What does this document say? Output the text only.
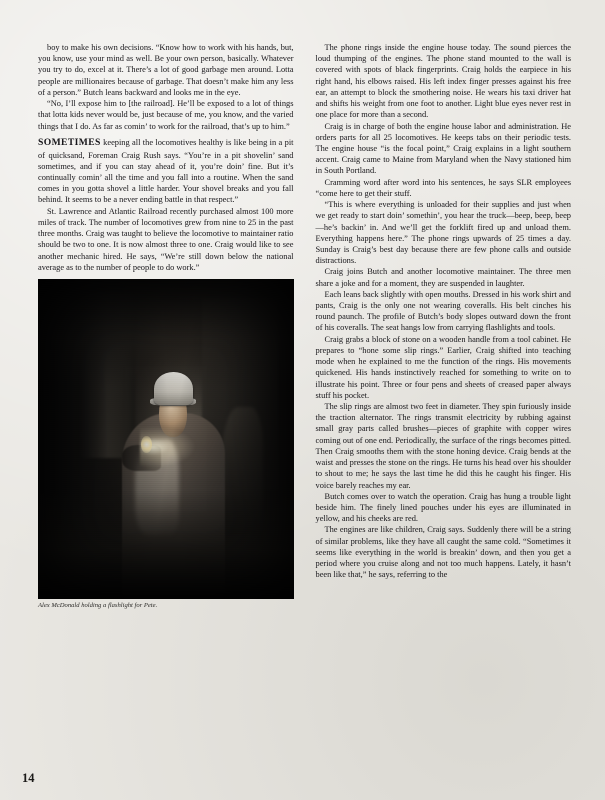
boy to make his own decisions. “Know how to work with his hands, but, you know, use your mind as well. Be your own person, basically. Whatever you try to do, excel at it. There’s a lot of good garbage men around. Lotta people are millionaires because of garbage. That doesn’t make him any less of a person.” Butch leans backward and looks me in the eye.

“No, I’ll expose him to [the railroad]. He’ll be exposed to a lot of things that lotta kids never would be, just because of me, you know, and the varied things that I do. As far as comin’ to work for the railroad, that’s up to him.”

SOMETIMES keeping all the locomotives healthy is like being in a pit of quicksand, Foreman Craig Rush says. “You’re in a pit shovelin’ sand sometimes, and if you can stay ahead of it, you’re doin’ fine. But it’s continually comin’ all the time and you fall into a routine. When the sand comes in you gotta shovel a little harder. Your shovel breaks and you fall behind. It seems to be a never ending battle in that respect.”

St. Lawrence and Atlantic Railroad recently purchased almost 100 more miles of track. The number of locomotives grew from nine to 25 in the past three months. Craig was taught to believe the locomotive to maintainer ratio should be two to one. It is now almost three to one. Craig would like to see another mechanic hired. He says, “We’re still down below the national average as to the number of people to do work.”

Alex McDonald holding a flashlight for Pete.

The phone rings inside the engine house today. The sound pierces the loud thumping of the engines. The phone stand mounted to the wall is covered with spots of black fingerprints. Craig holds the earpiece in his right hand, his elbows raised. His left index finger presses against his free ear, an attempt to block the smothering noise. He wears his taxi driver hat and shifts his weight from one foot to another. Light blue eyes never rest in one place for more than a second.

Craig is in charge of both the engine house labor and administration. He orders parts for all 25 locomotives. He keeps tabs on their periodic tests. The engine house “is the focal point,” Craig explains in a light southern accent. Craig came to Maine from Maryland when the Navy stationed him in South Portland.

Cramming word after word into his sentences, he says SLR employees “come here to get their stuff.

“This is where everything is unloaded for their supplies and just when we get ready to start doin’ somethin’, you hear the truck—beep, beep, beep—he’s backin’ in. And we’ll get the forklift fired up and unload them. Everything happens here.” The phone rings upwards of 25 times a day. Sunday is Craig’s best day because there are few phone calls and outside distractions.

Craig joins Butch and another locomotive maintainer. The three men share a joke and for a moment, they are suspended in laughter.

Each leans back slightly with open mouths. Dressed in his work shirt and pants, Craig is the only one not wearing coveralls. His belt cinches his round paunch. The profile of Butch’s body slopes outward down the front of his coveralls. The seat hangs low from carrying flashlights and tools.

Craig grabs a block of stone on a wooden handle from a tool cabinet. He prepares to “hone some slip rings.” Earlier, Craig shifted into teaching mode when he explained to me the function of the rings. His movements quickened. His hands instinctively reached for something to write on to illustrate his point. Three or four pens and sheets of creased paper always stuff his pocket.

The slip rings are almost two feet in diameter. They spin furiously inside the traction alternator. The rings transmit electricity by rubbing against small gray parts called brushes—pieces of graphite with copper wires coming out of one end. Periodically, the surface of the rings becomes pitted. Then Craig smooths them with the stone honing device. Craig bends at the waist and presses the stone on the rings. He turns his head over his shoulder to shout to me; he says the last time he did this he caught his finger. His voice barely reaches my ear.

Butch comes over to watch the operation. Craig has hung a trouble light beside him. The finely lined pouches under his eyes are illuminated in yellow, and his cheeks are red.

The engines are like children, Craig says. Suddenly there will be a string of similar problems, like they have all caught the same cold. “Sometimes it seems like everything in the world is breakin’ down, and then you get a period where you cruise along and not too much happens. Lately, it hasn’t been like that,” he says, referring to the

14
